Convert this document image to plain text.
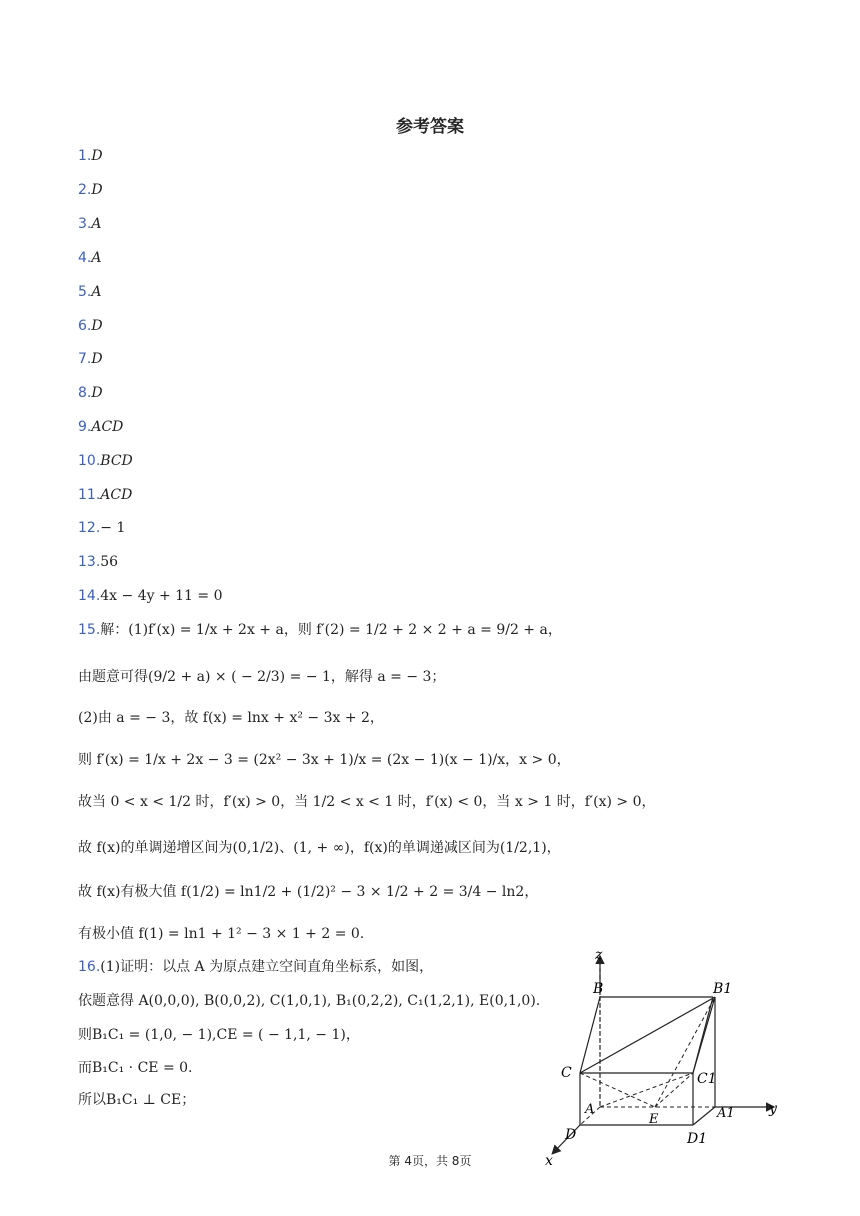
参考答案
1.D
2.D
3.A
4.A
5.A
6.D
7.D
8.D
9.ACD
10.BCD
11.ACD
12.− 1
13.56
14.4x − 4y + 11 = 0
15.解：(1)f′(x) = 1/x + 2x + a，则 f′(2) = 1/2 + 2 × 2 + a = 9/2 + a，
由题意可得(9/2 + a) × ( − 2/3) = − 1，解得 a = − 3；
(2)由 a = − 3，故 f(x) = lnx + x² − 3x + 2，
则 f′(x) = 1/x + 2x − 3 = (2x² − 3x + 1)/x = (2x − 1)(x − 1)/x，x > 0，
故当 0 < x < 1/2 时，f′(x) > 0，当 1/2 < x < 1 时，f′(x) < 0，当 x > 1 时，f′(x) > 0，
故 f(x)的单调递增区间为(0,1/2)、(1, + ∞)，f(x)的单调递减区间为(1/2,1)，
故 f(x)有极大值 f(1/2) = ln1/2 + (1/2)² − 3 × 1/2 + 2 = 3/4 − ln2，
有极小值 f(1) = ln1 + 1² − 3 × 1 + 2 = 0.
16.(1)证明：以点 A 为原点建立空间直角坐标系，如图，
依题意得 A(0,0,0), B(0,0,2), C(1,0,1), B₁(0,2,2), C₁(1,2,1), E(0,1,0).
则B₁C₁ = (1,0, − 1),CE = ( − 1,1, − 1)，
而B₁C₁ · CE = 0.
所以B₁C₁ ⊥ CE；
z
B	B1
C	C1
A
E	A1 y
D	D1
x
第 4页，共 8页
